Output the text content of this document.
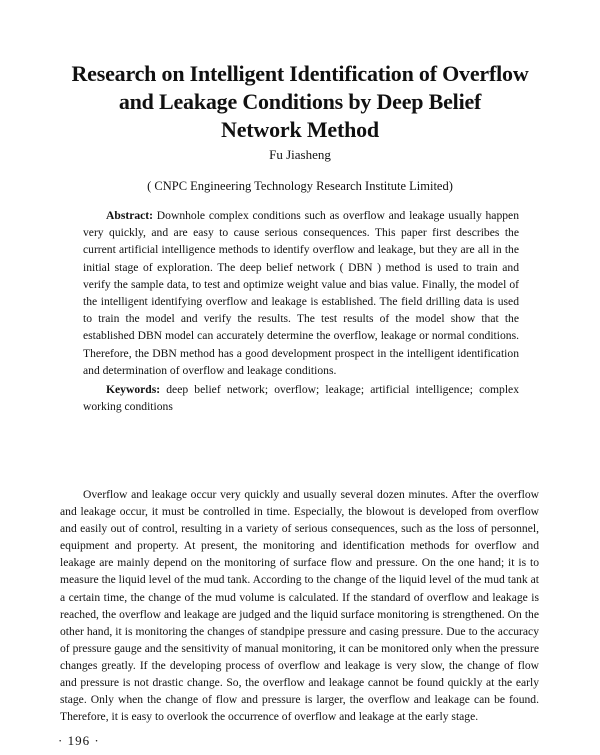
Research on Intelligent Identification of Overflow
and Leakage Conditions by Deep Belief
Network Method
Fu Jiasheng
( CNPC Engineering Technology Research Institute Limited)

Abstract: Downhole complex conditions such as overflow and leakage usually happen very quickly, and are easy to cause serious consequences. This paper first describes the current artificial intelligence methods to identify overflow and leakage, but they are all in the initial stage of exploration. The deep belief network ( DBN ) method is used to train and verify the sample data, to test and optimize weight value and bias value. Finally, the model of the intelligent identifying overflow and leakage is established. The field drilling data is used to train the model and verify the results. The test results of the model show that the established DBN model can accurately determine the overflow, leakage or normal conditions. Therefore, the DBN method has a good development prospect in the intelligent identification and determination of overflow and leakage conditions.

Keywords: deep belief network; overflow; leakage; artificial intelligence; complex working conditions

Overflow and leakage occur very quickly and usually several dozen minutes. After the overflow and leakage occur, it must be controlled in time. Especially, the blowout is developed from overflow and easily out of control, resulting in a variety of serious consequences, such as the loss of personnel, equipment and property. At present, the monitoring and identification methods for overflow and leakage are mainly depend on the monitoring of surface flow and pressure. On the one hand; it is to measure the liquid level of the mud tank. According to the change of the liquid level of the mud tank at a certain time, the change of the mud volume is calculated. If the standard of overflow and leakage is reached, the overflow and leakage are judged and the liquid surface monitoring is strengthened. On the other hand, it is monitoring the changes of standpipe pressure and casing pressure. Due to the accuracy of pressure gauge and the sensitivity of manual monitoring, it can be monitored only when the pressure changes greatly. If the developing process of overflow and leakage is very slow, the change of flow and pressure is not drastic change. So, the overflow and leakage cannot be found quickly at the early stage. Only when the change of flow and pressure is larger, the overflow and leakage can be found. Therefore, it is easy to overlook the occurrence of overflow and leakage at the early stage.

· 196 ·
